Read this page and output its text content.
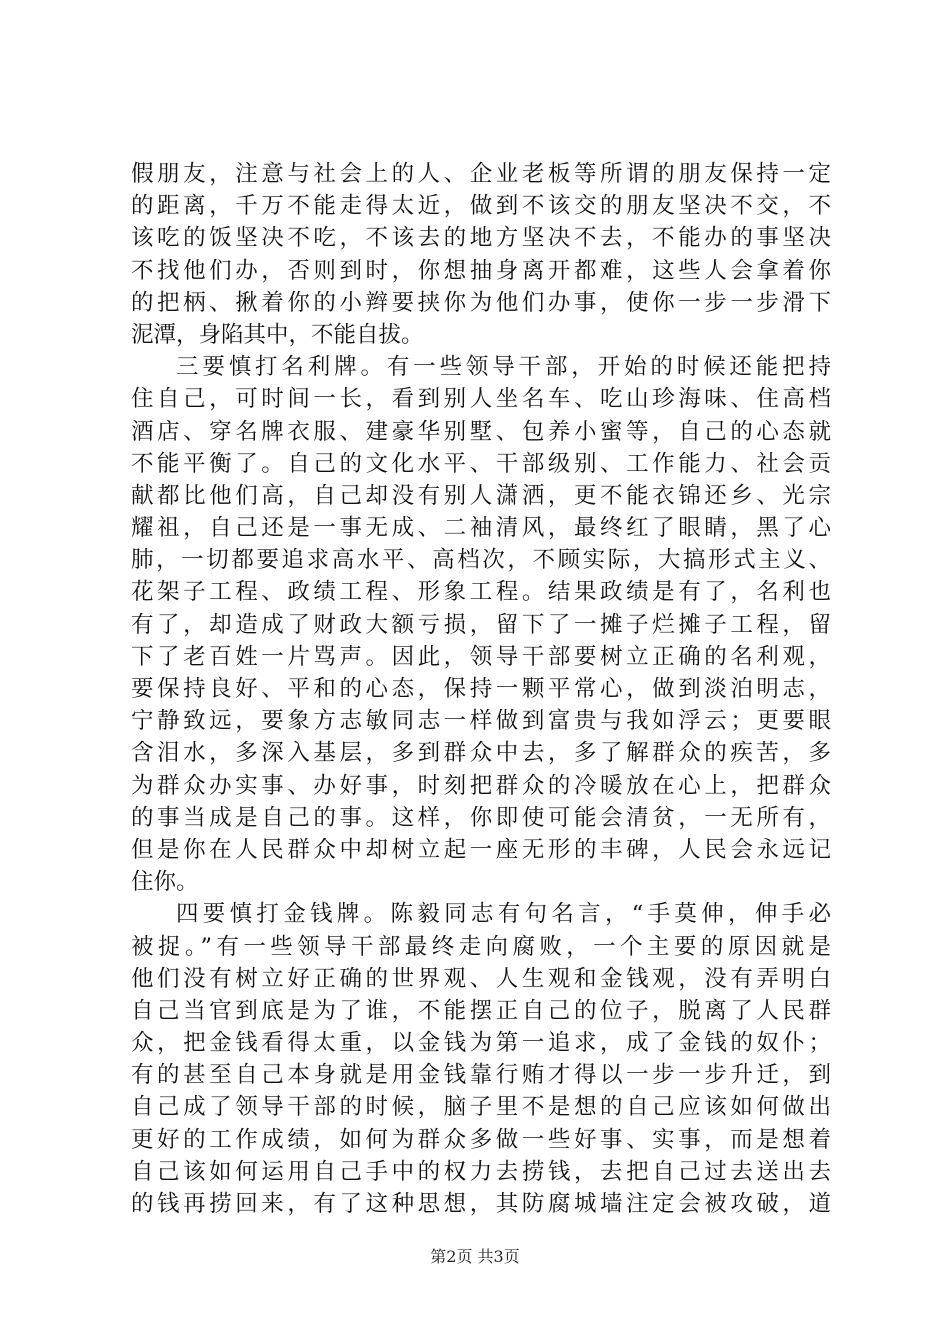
假朋友，注意与社会上的人、企业老板等所谓的朋友保持一定
的距离，千万不能走得太近，做到不该交的朋友坚决不交，不
该吃的饭坚决不吃，不该去的地方坚决不去，不能办的事坚决
不找他们办，否则到时，你想抽身离开都难，这些人会拿着你
的把柄、揪着你的小辫要挟你为他们办事，使你一步一步滑下
泥潭，身陷其中，不能自拔。
三要慎打名利牌。有一些领导干部，开始的时候还能把持
住自己，可时间一长，看到别人坐名车、吃山珍海味、住高档
酒店、穿名牌衣服、建豪华别墅、包养小蜜等，自己的心态就
不能平衡了。自己的文化水平、干部级别、工作能力、社会贡
献都比他们高，自己却没有别人潇洒，更不能衣锦还乡、光宗
耀祖，自己还是一事无成、二袖清风，最终红了眼睛，黑了心
肺，一切都要追求高水平、高档次，不顾实际，大搞形式主义、
花架子工程、政绩工程、形象工程。结果政绩是有了，名利也
有了，却造成了财政大额亏损，留下了一摊子烂摊子工程，留
下了老百姓一片骂声。因此，领导干部要树立正确的名利观，
要保持良好、平和的心态，保持一颗平常心，做到淡泊明志，
宁静致远，要象方志敏同志一样做到富贵与我如浮云；更要眼
含泪水，多深入基层，多到群众中去，多了解群众的疾苦，多
为群众办实事、办好事，时刻把群众的冷暖放在心上，把群众
的事当成是自己的事。这样，你即使可能会清贫，一无所有，
但是你在人民群众中却树立起一座无形的丰碑，人民会永远记
住你。
四要慎打金钱牌。陈毅同志有句名言，“手莫伸，伸手必
被捉。”有一些领导干部最终走向腐败，一个主要的原因就是
他们没有树立好正确的世界观、人生观和金钱观，没有弄明白
自己当官到底是为了谁，不能摆正自己的位子，脱离了人民群
众，把金钱看得太重，以金钱为第一追求，成了金钱的奴仆；
有的甚至自己本身就是用金钱靠行贿才得以一步一步升迁，到
自己成了领导干部的时候，脑子里不是想的自己应该如何做出
更好的工作成绩，如何为群众多做一些好事、实事，而是想着
自己该如何运用自己手中的权力去捞钱，去把自己过去送出去
的钱再捞回来，有了这种思想，其防腐城墙注定会被攻破，道
第2页 共3页
